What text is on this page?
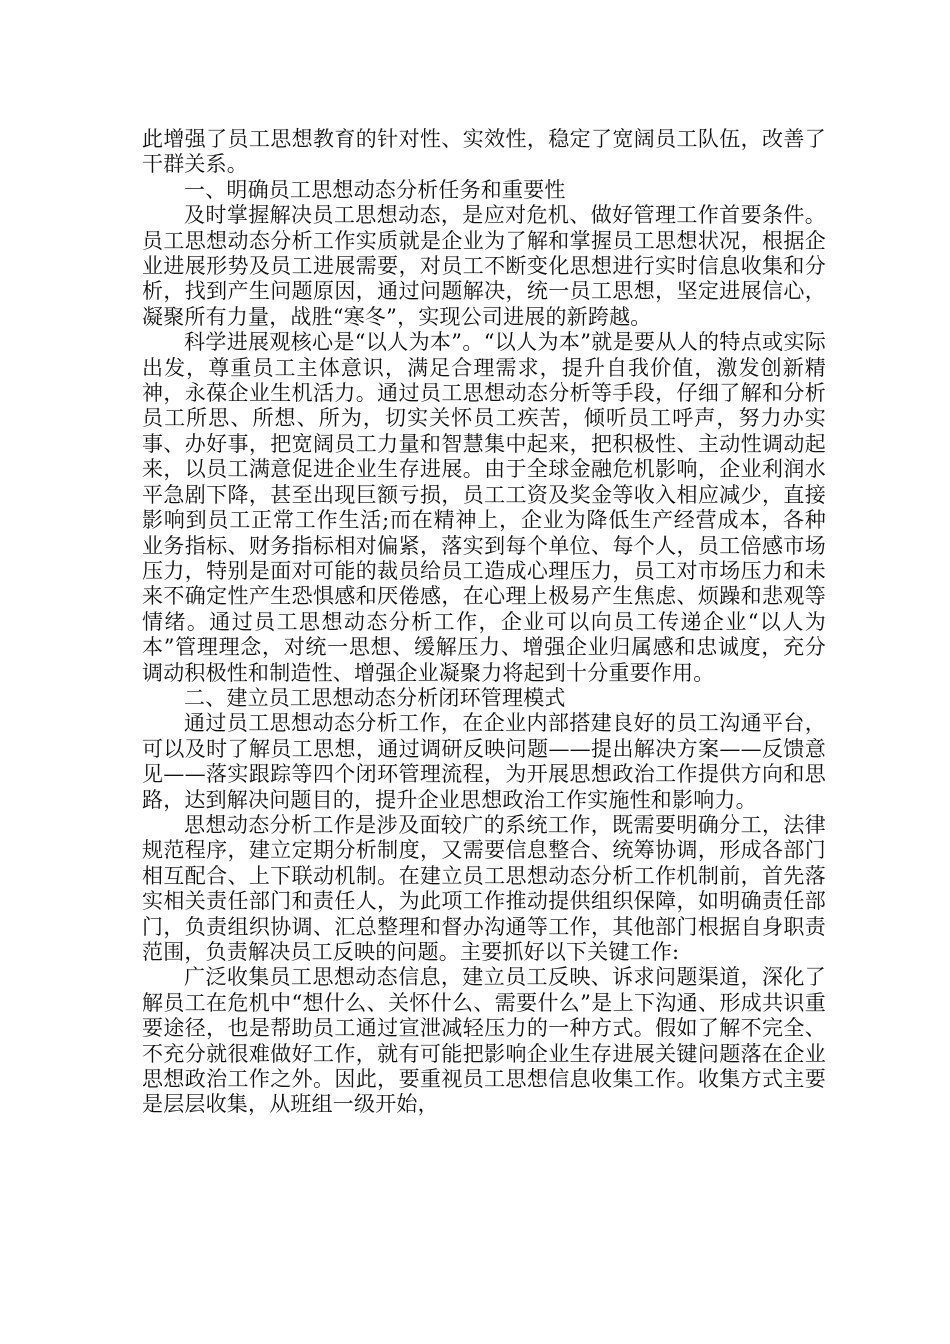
此增强了员工思想教育的针对性、实效性，稳定了宽阔员工队伍，改善了干群关系。

一、明确员工思想动态分析任务和重要性

及时掌握解决员工思想动态，是应对危机、做好管理工作首要条件。员工思想动态分析工作实质就是企业为了解和掌握员工思想状况，根据企业进展形势及员工进展需要，对员工不断变化思想进行实时信息收集和分析，找到产生问题原因，通过问题解决，统一员工思想，坚定进展信心，凝聚所有力量，战胜“寒冬”，实现公司进展的新跨越。

科学进展观核心是“以人为本”。“以人为本”就是要从人的特点或实际出发，尊重员工主体意识，满足合理需求，提升自我价值，激发创新精神，永葆企业生机活力。通过员工思想动态分析等手段，仔细了解和分析员工所思、所想、所为，切实关怀员工疾苦，倾听员工呼声，努力办实事、办好事，把宽阔员工力量和智慧集中起来，把积极性、主动性调动起来，以员工满意促进企业生存进展。由于全球金融危机影响，企业利润水平急剧下降，甚至出现巨额亏损，员工工资及奖金等收入相应减少，直接影响到员工正常工作生活;而在精神上，企业为降低生产经营成本，各种业务指标、财务指标相对偏紧，落实到每个单位、每个人，员工倍感市场压力，特别是面对可能的裁员给员工造成心理压力，员工对市场压力和未来不确定性产生恐惧感和厌倦感，在心理上极易产生焦虑、烦躁和悲观等情绪。通过员工思想动态分析工作，企业可以向员工传递企业“以人为本”管理理念，对统一思想、缓解压力、增强企业归属感和忠诚度，充分调动积极性和制造性、增强企业凝聚力将起到十分重要作用。

二、建立员工思想动态分析闭环管理模式

通过员工思想动态分析工作，在企业内部搭建良好的员工沟通平台，可以及时了解员工思想，通过调研反映问题——提出解决方案——反馈意见——落实跟踪等四个闭环管理流程，为开展思想政治工作提供方向和思路，达到解决问题目的，提升企业思想政治工作实施性和影响力。

思想动态分析工作是涉及面较广的系统工作，既需要明确分工，法律规范程序，建立定期分析制度，又需要信息整合、统筹协调，形成各部门相互配合、上下联动机制。在建立员工思想动态分析工作机制前，首先落实相关责任部门和责任人，为此项工作推动提供组织保障，如明确责任部门，负责组织协调、汇总整理和督办沟通等工作，其他部门根据自身职责范围，负责解决员工反映的问题。主要抓好以下关键工作:

广泛收集员工思想动态信息，建立员工反映、诉求问题渠道，深化了解员工在危机中“想什么、关怀什么、需要什么”是上下沟通、形成共识重要途径，也是帮助员工通过宣泄减轻压力的一种方式。假如了解不完全、不充分就很难做好工作，就有可能把影响企业生存进展关键问题落在企业思想政治工作之外。因此，要重视员工思想信息收集工作。收集方式主要是层层收集，从班组一级开始，
